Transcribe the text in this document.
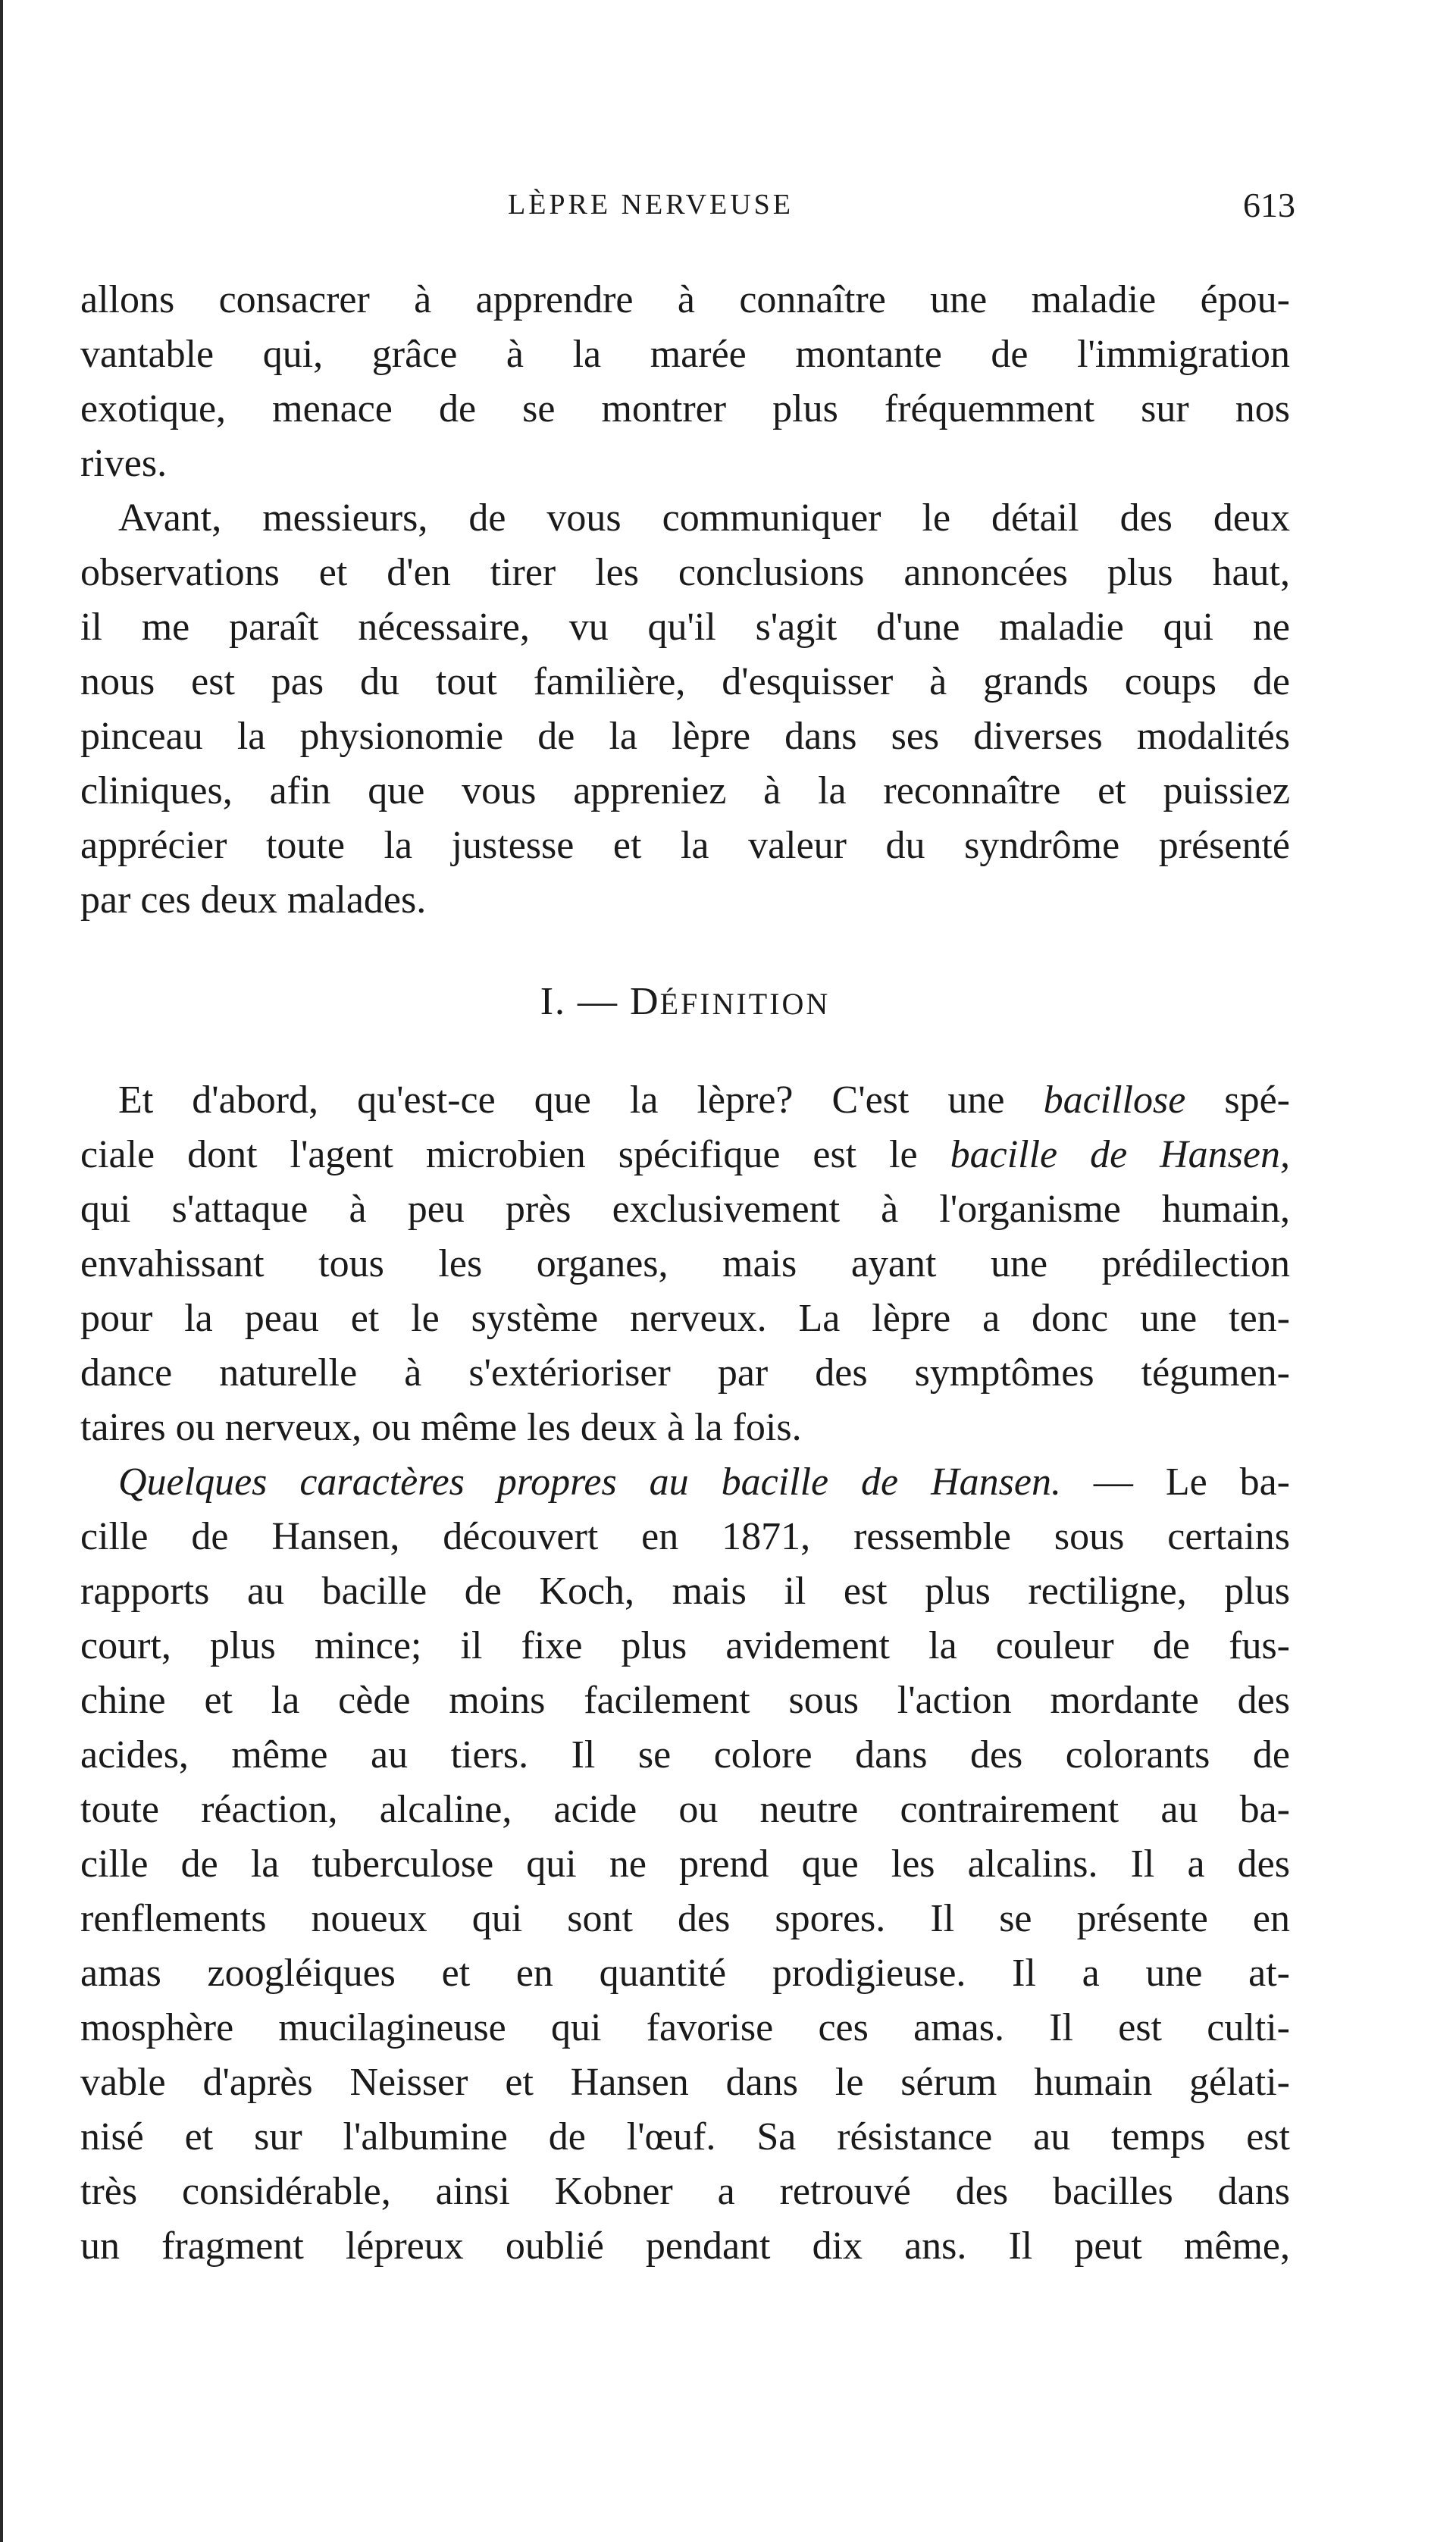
LÈPRE NERVEUSE	613
allons consacrer à apprendre à connaître une maladie épou-
vantable qui, grâce à la marée montante de l'immigration
exotique, menace de se montrer plus fréquemment sur nos
rives.
Avant, messieurs, de vous communiquer le détail des deux
observations et d'en tirer les conclusions annoncées plus haut,
il me paraît nécessaire, vu qu'il s'agit d'une maladie qui ne
nous est pas du tout familière, d'esquisser à grands coups de
pinceau la physionomie de la lèpre dans ses diverses modalités
cliniques, afin que vous appreniez à la reconnaître et puissiez
apprécier toute la justesse et la valeur du syndrôme présenté
par ces deux malades.
I. — DÉFINITION
Et d'abord, qu'est-ce que la lèpre? C'est une bacillose spé-
ciale dont l'agent microbien spécifique est le bacille de Hansen,
qui s'attaque à peu près exclusivement à l'organisme humain,
envahissant tous les organes, mais ayant une prédilection
pour la peau et le système nerveux. La lèpre a donc une ten-
dance naturelle à s'extérioriser par des symptômes tégumen-
taires ou nerveux, ou même les deux à la fois.
Quelques caractères propres au bacille de Hansen. — Le ba-
cille de Hansen, découvert en 1871, ressemble sous certains
rapports au bacille de Koch, mais il est plus rectiligne, plus
court, plus mince; il fixe plus avidement la couleur de fus-
chine et la cède moins facilement sous l'action mordante des
acides, même au tiers. Il se colore dans des colorants de
toute réaction, alcaline, acide ou neutre contrairement au ba-
cille de la tuberculose qui ne prend que les alcalins. Il a des
renflements noueux qui sont des spores. Il se présente en
amas zoogléiques et en quantité prodigieuse. Il a une at-
mosphère mucilagineuse qui favorise ces amas. Il est culti-
vable d'après Neisser et Hansen dans le sérum humain gélati-
nisé et sur l'albumine de l'œuf. Sa résistance au temps est
très considérable, ainsi Kobner a retrouvé des bacilles dans
un fragment lépreux oublié pendant dix ans. Il peut même,
